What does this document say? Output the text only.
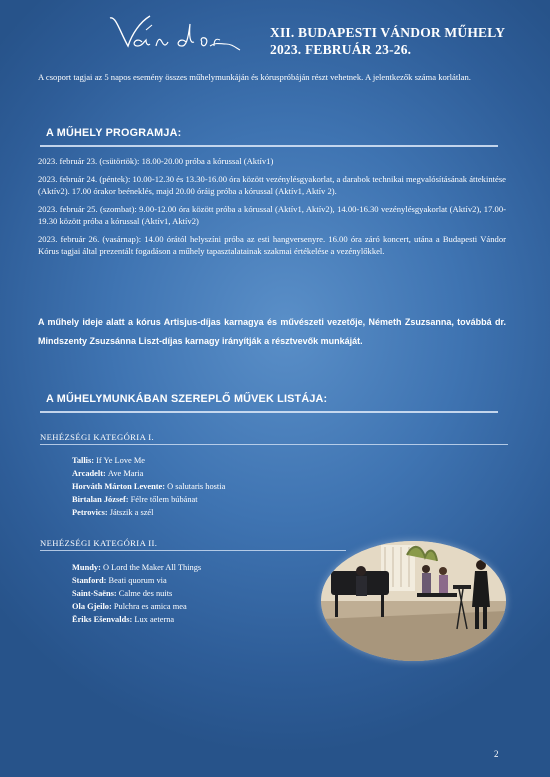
XII. BUDAPESTI VÁNDOR MŰHELY
2023. FEBRUÁR 23-26.
A csoport tagjai az 5 napos esemény összes műhelymunkáján és kóruspróbáján részt vehetnek. A jelentkezők száma korlátlan.
A MŰHELY PROGRAMJA:

2023. február 23. (csütörtök): 18.00-20.00 próba a kórussal (Aktív1)

2023. február 24. (péntek): 10.00-12.30 és 13.30-16.00 óra között vezénylésgyakorlat, a darabok technikai megvalósításának áttekintése (Aktív2). 17.00 órakor beéneklés, majd 20.00 óráig próba a kórussal (Aktív1, Aktív 2).

2023. február 25. (szombat): 9.00-12.00 óra között próba a kórussal (Aktív1, Aktív2), 14.00-16.30 vezénylésgyakorlat (Aktív2), 17.00-19.30 között próba a kórussal (Aktív1, Aktív2)

2023. február 26. (vasárnap): 14.00 órától helyszíni próba az esti hangversenyre. 16.00 óra záró koncert, utána a Budapesti Vándor Kórus tagjai által prezentált fogadáson a műhely tapasztalatainak szakmai értékelése a vezénylőkkel.

A műhely ideje alatt a kórus Artisjus-díjas karnagya és művészeti vezetője, Németh Zsuzsanna, továbbá dr. Mindszenty Zsuzsánna Liszt-díjas karnagy irányítják a résztvevők munkáját.
A MŰHELYMUNKÁBAN SZEREPLŐ MŰVEK LISTÁJA:
NEHÉZSÉGI KATEGÓRIA I.
Tallis: If Ye Love Me
Arcadelt: Ave Maria
Horváth Márton Levente: O salutaris hostia
Birtalan József: Félre tőlem búbánat
Petrovics: Játszik a szél
NEHÉZSÉGI KATEGÓRIA II.
Mundy: O Lord the Maker All Things
Stanford: Beati quorum via
Saint-Saëns: Calme des nuits
Ola Gjeilo: Pulchra es amica mea
Ēriks Ešenvalds: Lux aeterna
2
